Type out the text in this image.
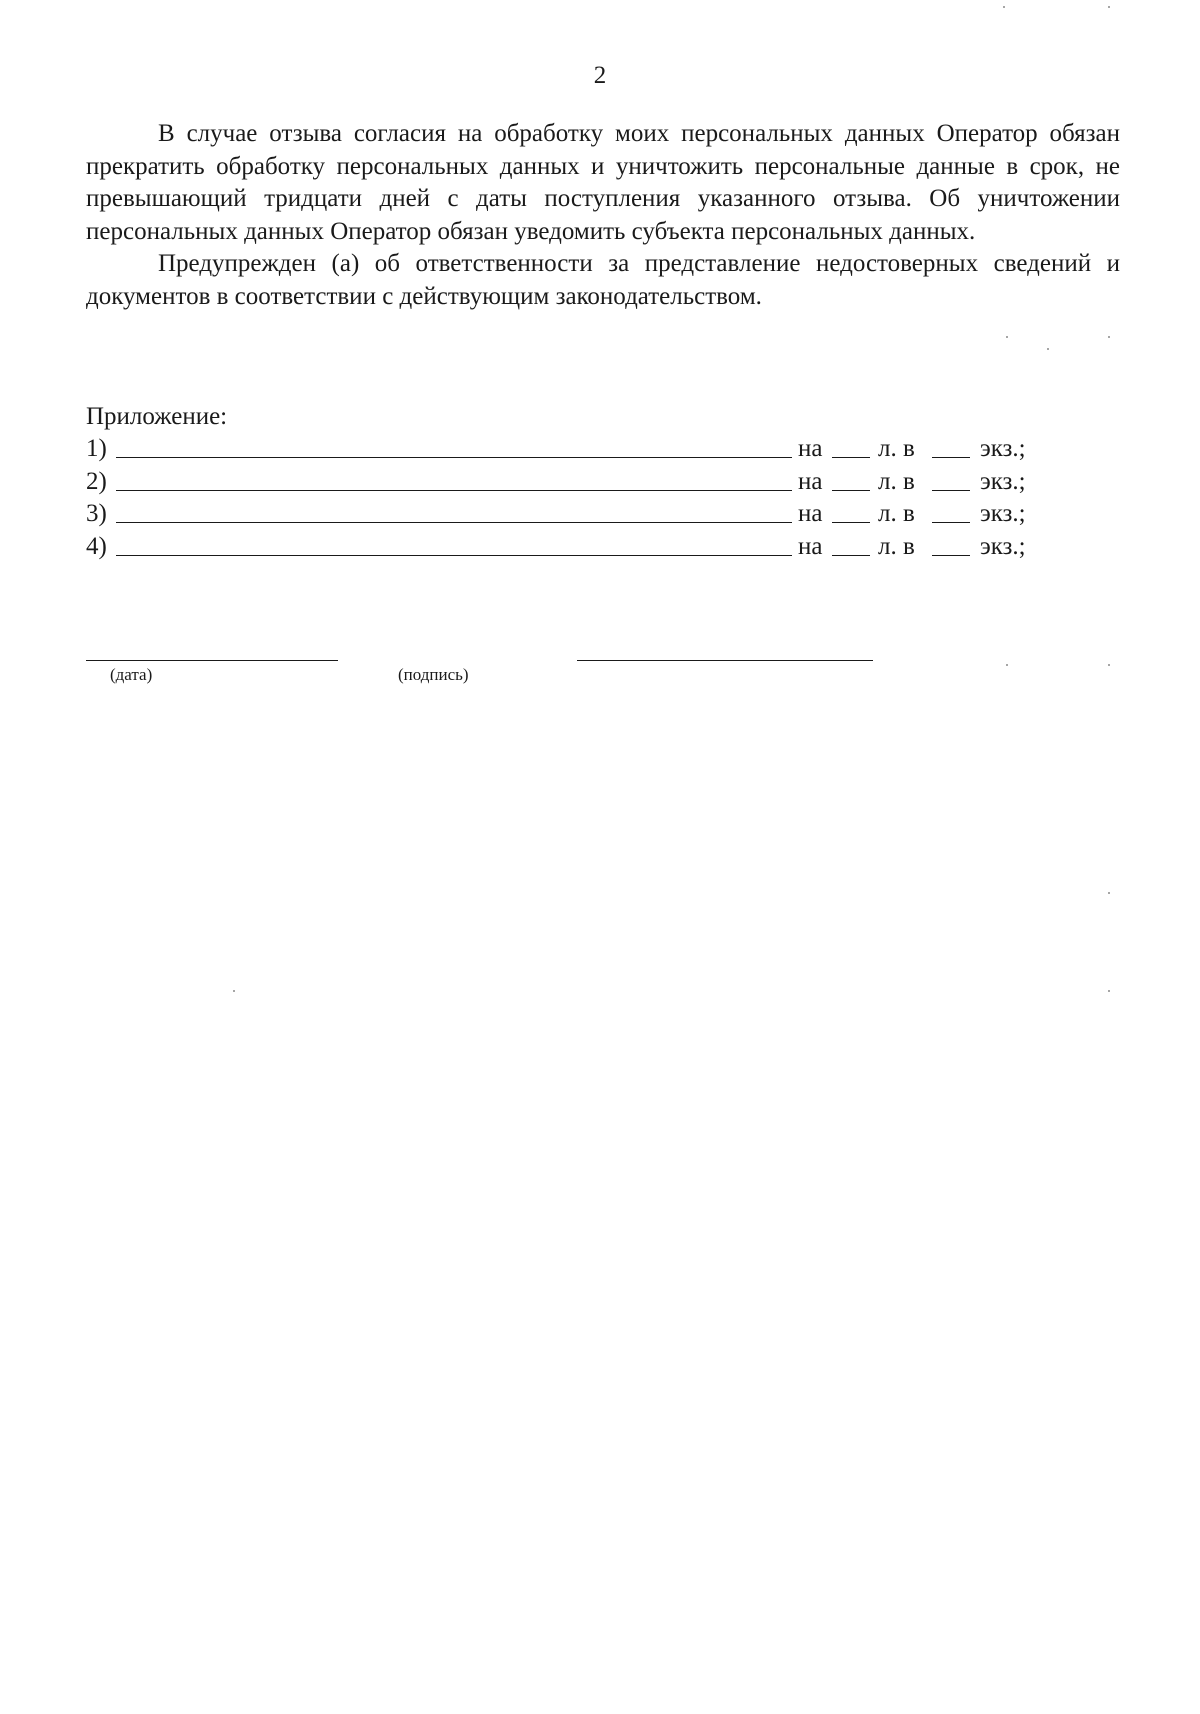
2

В случае отзыва согласия на обработку моих персональных данных Оператор обязан прекратить обработку персональных данных и уничтожить персональные данные в срок, не превышающий тридцати дней с даты поступления указанного отзыва. Об уничтожении персональных данных Оператор обязан уведомить субъекта персональных данных.

Предупрежден (а) об ответственности за представление недостоверных сведений и документов в соответствии с действующим законодательством.

Приложение:
1)	на л. в	экз.;
2)	на л. в	экз.;
3)	на л. в	экз.;
4)	на л. в	экз.;
(дата)	(подпись)
